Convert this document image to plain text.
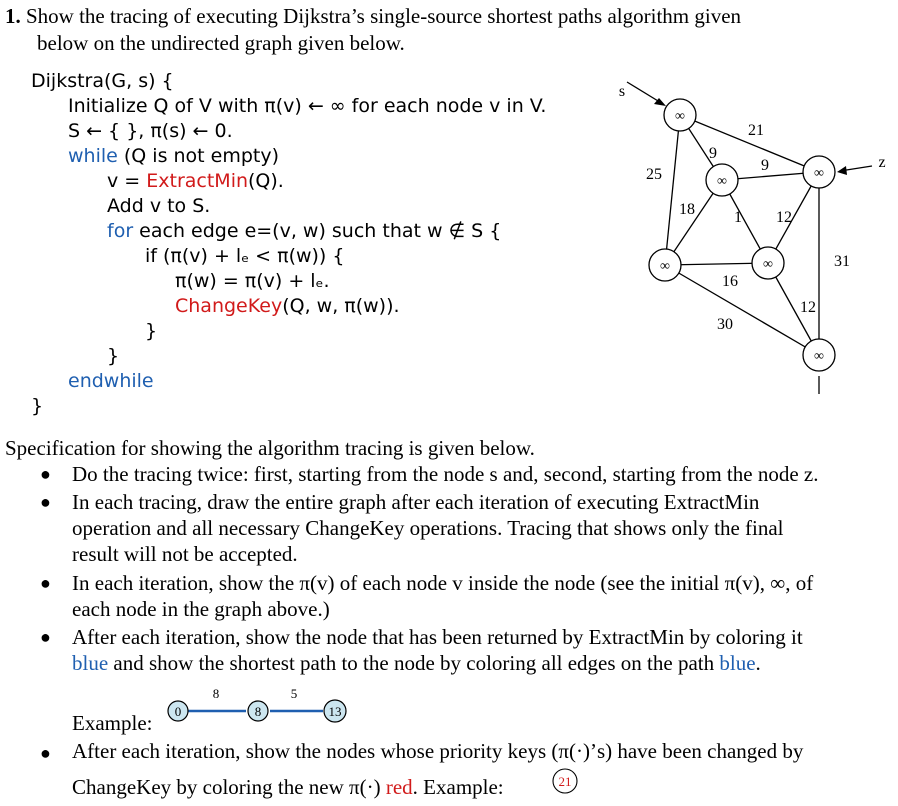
1. Show the tracing of executing Dijkstra’s single-source shortest paths algorithm given
below on the undirected graph given below.
Dijkstra(G, s) {
Initialize Q of V with π(v) ← ∞ for each node v in V.
S ← { }, π(s) ← 0.
while (Q is not empty)
v = ExtractMin(Q).
Add v to S.
for each edge e=(v, w) such that w ∉ S {
if (π(v) + lₑ < π(w)) {
π(w) = π(v) + lₑ.
ChangeKey(Q, w, π(w)).
}
}
endwhile
}
∞
∞
∞
∞	∞
∞
s
z
25
21
9
9
18 1 12
16
31
30
12
Specification for showing the algorithm tracing is given below.
● Do the tracing twice: first, starting from the node s and, second, starting from the node z.
● In each tracing, draw the entire graph after each iteration of executing ExtractMin
operation and all necessary ChangeKey operations. Tracing that shows only the final
result will not be accepted.
● In each iteration, show the π(v) of each node v inside the node (see the initial π(v), ∞, of
each node in the graph above.)
● After each iteration, show the node that has been returned by ExtractMin by coloring it
blue and show the shortest path to the node by coloring all edges on the path blue.
0	8	13
8	5
Example:
● After each iteration, show the nodes whose priority keys (π(·)’s) have been changed by
ChangeKey by coloring the new π(·) red. Example:	21
